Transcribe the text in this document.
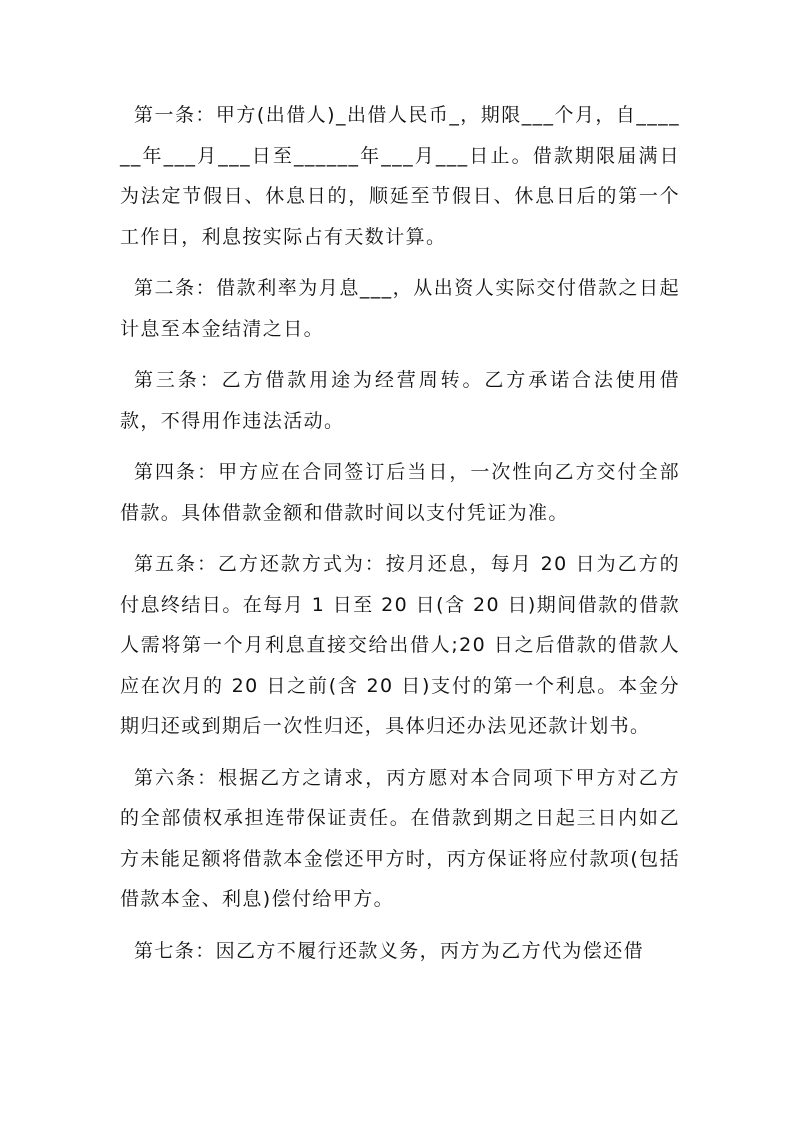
第一条：甲方(出借人)_出借人民币_，期限___个月，自______年___月___日至______年___月___日止。借款期限届满日为法定节假日、休息日的，顺延至节假日、休息日后的第一个工作日，利息按实际占有天数计算。

第二条：借款利率为月息___，从出资人实际交付借款之日起计息至本金结清之日。

第三条：乙方借款用途为经营周转。乙方承诺合法使用借款，不得用作违法活动。

第四条：甲方应在合同签订后当日，一次性向乙方交付全部借款。具体借款金额和借款时间以支付凭证为准。

第五条：乙方还款方式为：按月还息，每月 20 日为乙方的付息终结日。在每月 1 日至 20 日(含 20 日)期间借款的借款人需将第一个月利息直接交给出借人;20 日之后借款的借款人应在次月的 20 日之前(含 20 日)支付的第一个利息。本金分期归还或到期后一次性归还，具体归还办法见还款计划书。

第六条：根据乙方之请求，丙方愿对本合同项下甲方对乙方的全部债权承担连带保证责任。在借款到期之日起三日内如乙方未能足额将借款本金偿还甲方时，丙方保证将应付款项(包括借款本金、利息)偿付给甲方。

第七条：因乙方不履行还款义务，丙方为乙方代为偿还借
